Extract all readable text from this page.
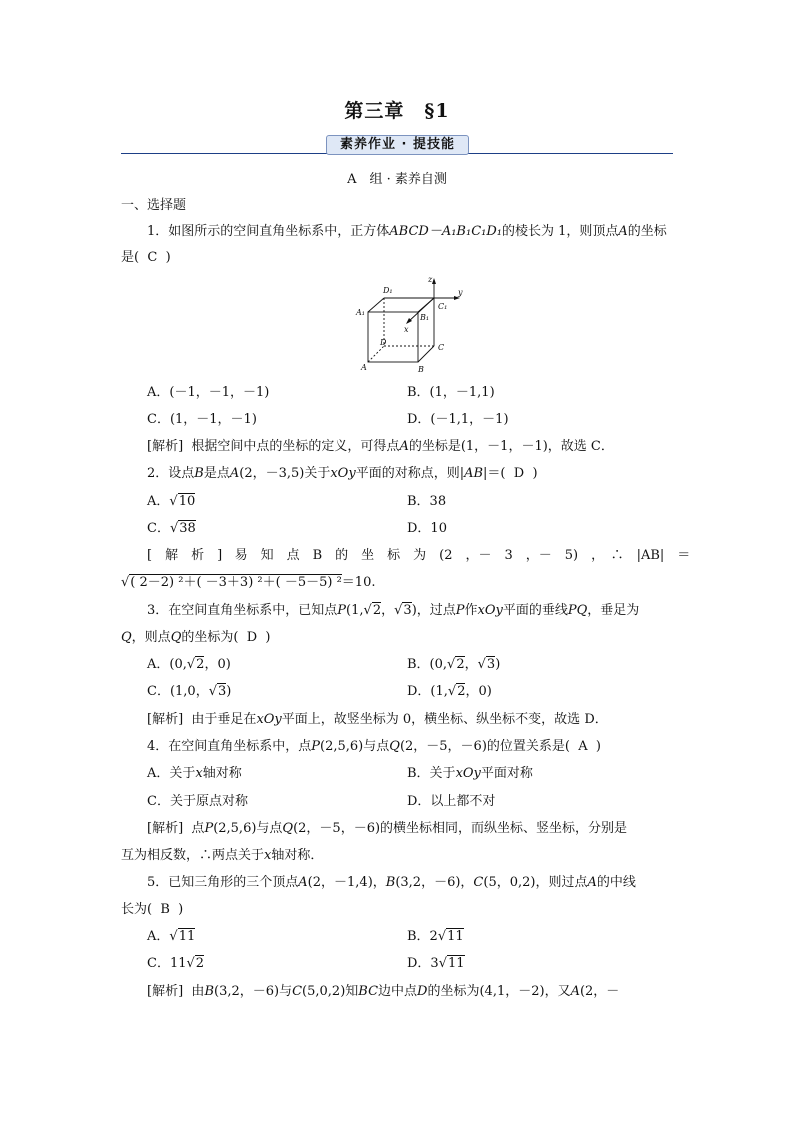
第三章　§1
素养作业 · 提技能
A　组 · 素养自测
一、选择题
1．如图所示的空间直角坐标系中，正方体ABCD－A₁B₁C₁D₁的棱长为 1，则顶点A的坐标
是( C )
D₁
C₁
A₁
B₁
D
C
A	B
x
y
z
A．(－1，－1，－1)	B．(1，－1,1)
C．(1，－1，－1)	D．(－1,1，－1)
[解析] 根据空间中点的坐标的定义，可得点A的坐标是(1，－1，－1)，故选 C．
2．设点B是点A(2，－3,5)关于xOy平面的对称点，则|AB|＝( D )
A．√10	B．38
C．√38	D．10
[　解　析　] 易　知　点　B　的　坐　标　为　(2　，－　3　，－　5)　，　∴　|AB|　＝
√( 2－2) ²＋( －3＋3) ²＋( －5－5) ²＝10.
3．在空间直角坐标系中，已知点P(1,√2，√3)，过点P作xOy平面的垂线PQ，垂足为
Q，则点Q的坐标为( D )
A．(0,√2，0)	B．(0,√2，√3)
C．(1,0，√3)	D．(1,√2，0)
[解析] 由于垂足在xOy平面上，故竖坐标为 0，横坐标、纵坐标不变，故选 D．
4．在空间直角坐标系中，点P(2,5,6)与点Q(2，－5，－6)的位置关系是( A )
A．关于x轴对称	B．关于xOy平面对称
C．关于原点对称	D．以上都不对
[解析] 点P(2,5,6)与点Q(2，－5，－6)的横坐标相同，而纵坐标、竖坐标，分别是
互为相反数，∴两点关于x轴对称．
5．已知三角形的三个顶点A(2，－1,4)，B(3,2，－6)，C(5，0,2)，则过点A的中线
长为( B )
A．√11	B．2√11
C．11√2	D．3√11
[解析] 由B(3,2，－6)与C(5,0,2)知BC边中点D的坐标为(4,1，－2)，又A(2，－
